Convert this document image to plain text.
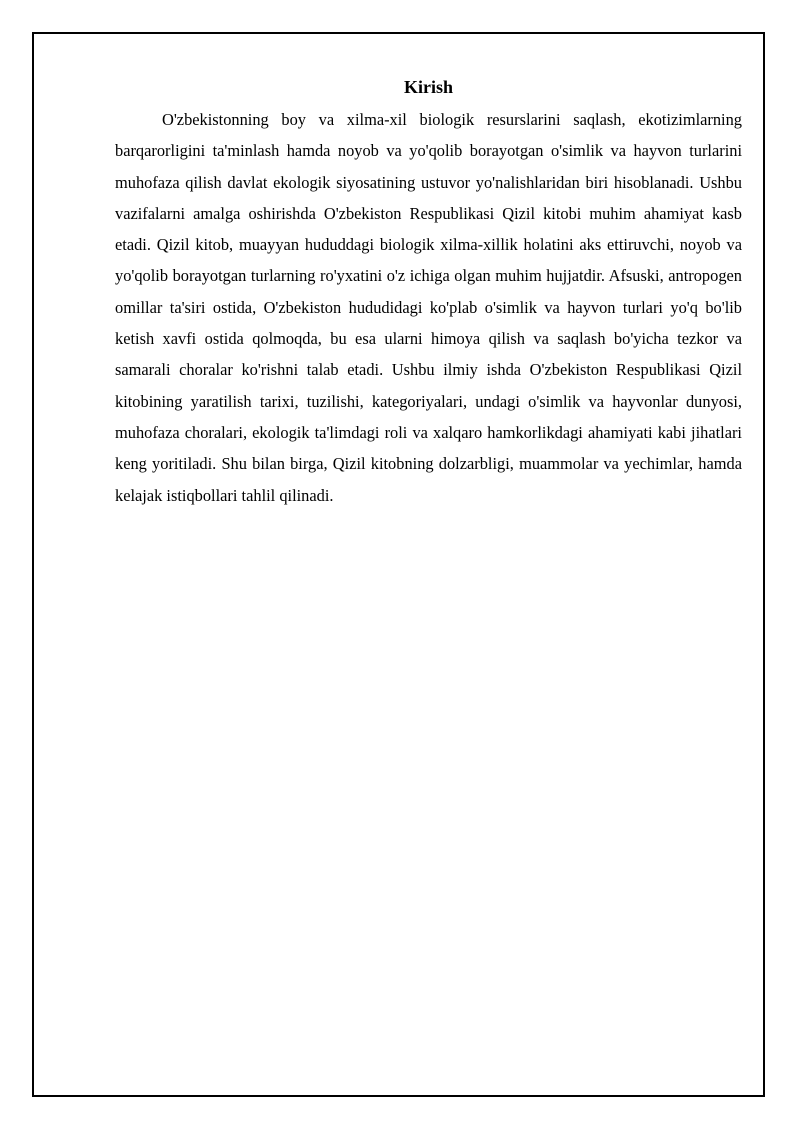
Kirish

O'zbekistonning boy va xilma-xil biologik resurslarini saqlash, ekotizimlarning barqarorligini ta'minlash hamda noyob va yo'qolib borayotgan o'simlik va hayvon turlarini muhofaza qilish davlat ekologik siyosatining ustuvor yo'nalishlaridan biri hisoblanadi. Ushbu vazifalarni amalga oshirishda O'zbekiston Respublikasi Qizil kitobi muhim ahamiyat kasb etadi. Qizil kitob, muayyan hududdagi biologik xilma-xillik holatini aks ettiruvchi, noyob va yo'qolib borayotgan turlarning ro'yxatini o'z ichiga olgan muhim hujjatdir. Afsuski, antropogen omillar ta'siri ostida, O'zbekiston hududidagi ko'plab o'simlik va hayvon turlari yo'q bo'lib ketish xavfi ostida qolmoqda, bu esa ularni himoya qilish va saqlash bo'yicha tezkor va samarali choralar ko'rishni talab etadi. Ushbu ilmiy ishda O'zbekiston Respublikasi Qizil kitobining yaratilish tarixi, tuzilishi, kategoriyalari, undagi o'simlik va hayvonlar dunyosi, muhofaza choralari, ekologik ta'limdagi roli va xalqaro hamkorlikdagi ahamiyati kabi jihatlari keng yoritiladi. Shu bilan birga, Qizil kitobning dolzarbligi, muammolar va yechimlar, hamda kelajak istiqbollari tahlil qilinadi.
